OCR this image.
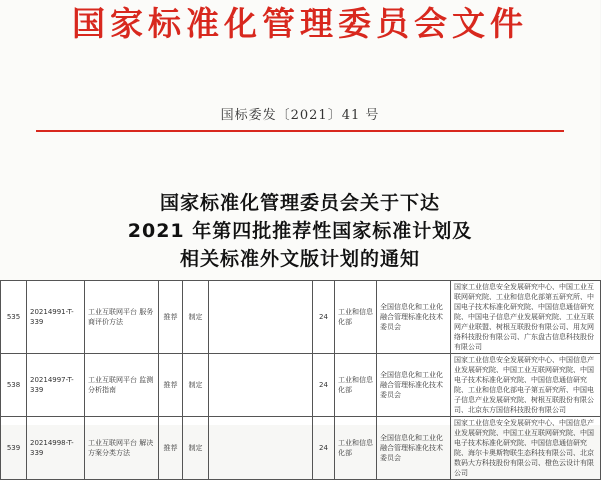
国家标准化管理委员会文件
国标委发〔2021〕41 号
国家标准化管理委员会关于下达
2021 年第四批推荐性国家标准计划及
相关标准外文版计划的通知
535	20214991-T-339	工业互联网平台 服务商评价方法	推荐	制定		24	工业和信息化部	全国信息化和工业化融合管理标准化技术委员会	国家工业信息安全发展研究中心、中国工业互联网研究院、工业和信息化部第五研究所、中国电子技术标准化研究院、中国信息通信研究院、中国电子信息产业发展研究院、工业互联网产业联盟、树根互联股份有限公司、用友网络科技股份有限公司、广东盘古信息科技股份有限公司
538	20214997-T-339	工业互联网平台 监测分析指南	推荐	制定		24	工业和信息化部	全国信息化和工业化融合管理标准化技术委员会	国家工业信息安全发展研究中心、中国信息产业发展研究院、中国工业互联网研究院、中国电子技术标准化研究院、中国信息通信研究院、工业和信息化部电子第五研究所、中国电子信息产业发展研究院、树根互联股份有限公司、北京东方国信科技股份有限公司
539	20214998-T-339	工业互联网平台 解决方案分类方法	推荐	制定		24	工业和信息化部	全国信息化和工业化融合管理标准化技术委员会	国家工业信息安全发展研究中心、中国信息产业发展研究院、中国工业互联网研究院、中国电子技术标准化研究院、中国信息通信研究院、海尔卡奥斯物联生态科技有限公司、北京数码大方科技股份有限公司、橙色云设计有限公司
